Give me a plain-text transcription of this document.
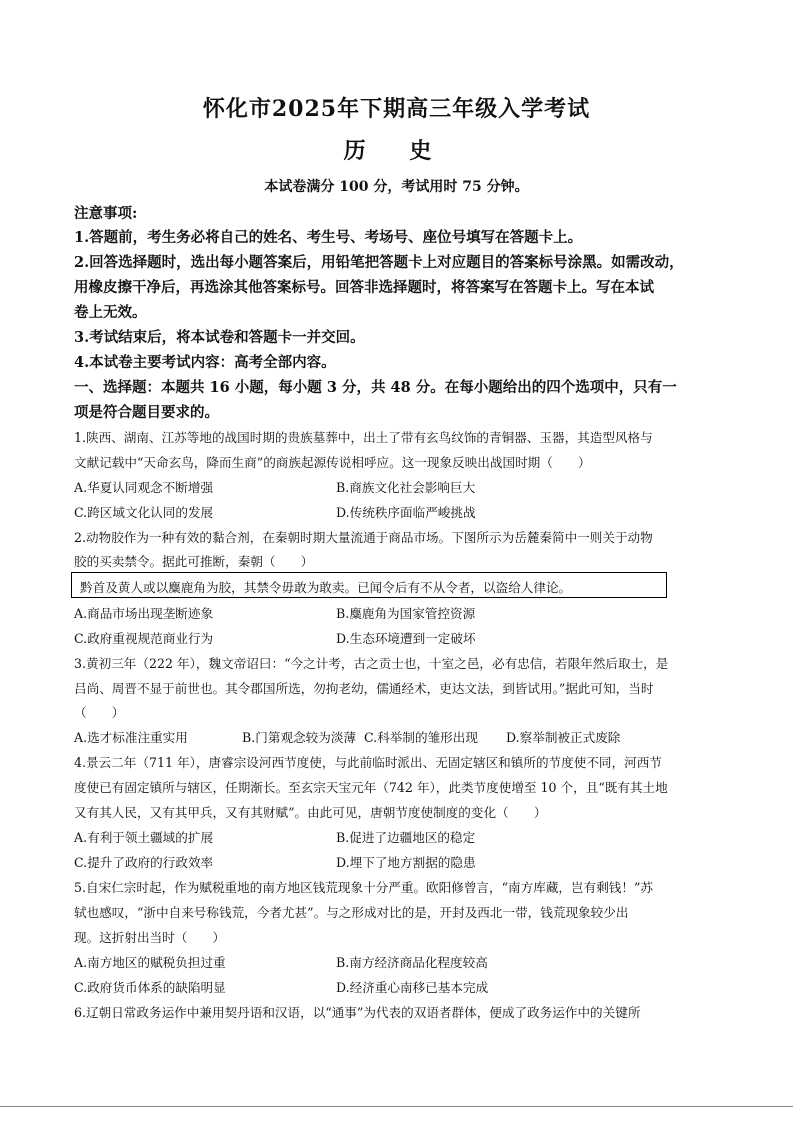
怀化市2025年下期高三年级入学考试
历 史
本试卷满分 100 分，考试用时 75 分钟。
注意事项:
1.答题前，考生务必将自己的姓名、考生号、考场号、座位号填写在答题卡上。
2.回答选择题时，选出每小题答案后，用铅笔把答题卡上对应题目的答案标号涂黑。如需改动，
用橡皮擦干净后，再选涂其他答案标号。回答非选择题时，将答案写在答题卡上。写在本试
卷上无效。
3.考试结束后，将本试卷和答题卡一并交回。
4.本试卷主要考试内容：高考全部内容。
一、选择题：本题共 16 小题，每小题 3 分，共 48 分。在每小题给出的四个选项中，只有一
项是符合题目要求的。
1.陕西、湖南、江苏等地的战国时期的贵族墓葬中，出土了带有玄鸟纹饰的青铜器、玉器，其造型风格与
文献记载中“天命玄鸟，降而生商”的商族起源传说相呼应。这一现象反映出战国时期（　　）
A.华夏认同观念不断增强	B.商族文化社会影响巨大
C.跨区域文化认同的发展	D.传统秩序面临严峻挑战
2.动物胶作为一种有效的黏合剂，在秦朝时期大量流通于商品市场。下图所示为岳麓秦简中一则关于动物
胶的买卖禁令。据此可推断，秦朝（　　）
黔首及黄人或以麋鹿角为胶，其禁令毋敢为敢卖。已闻令后有不从令者，以盗给人律论。
A.商品市场出现垄断迹象	B.麋鹿角为国家管控资源
C.政府重视规范商业行为	D.生态环境遭到一定破坏
3.黄初三年（222 年），魏文帝诏曰：“今之计考，古之贡士也，十室之邑，必有忠信，若限年然后取士，是
吕尚、周晋不显于前世也。其令郡国所选，勿拘老幼，儒通经术，吏达文法，到皆试用。”据此可知，当时
（　　）
A.选才标准注重实用	B.门第观念较为淡薄 C.科举制的雏形出现 D.察举制被正式废除
4.景云二年（711 年），唐睿宗设河西节度使，与此前临时派出、无固定辖区和镇所的节度使不同，河西节
度使已有固定镇所与辖区，任期渐长。至玄宗天宝元年（742 年），此类节度使增至 10 个，且“既有其土地
又有其人民，又有其甲兵，又有其财赋”。由此可见，唐朝节度使制度的变化（　　）
A.有利于领土疆域的扩展	B.促进了边疆地区的稳定
C.提升了政府的行政效率	D.埋下了地方割据的隐患
5.自宋仁宗时起，作为赋税重地的南方地区钱荒现象十分严重。欧阳修曾言，“南方库藏，岂有剩钱！”苏
轼也感叹，“浙中自来号称钱荒，今者尤甚”。与之形成对比的是，开封及西北一带，钱荒现象较少出
现。这折射出当时（　　）
A.南方地区的赋税负担过重	B.南方经济商品化程度较高
C.政府货币体系的缺陷明显	D.经济重心南移已基本完成
6.辽朝日常政务运作中兼用契丹语和汉语，以“通事”为代表的双语者群体，便成了政务运作中的关键所
